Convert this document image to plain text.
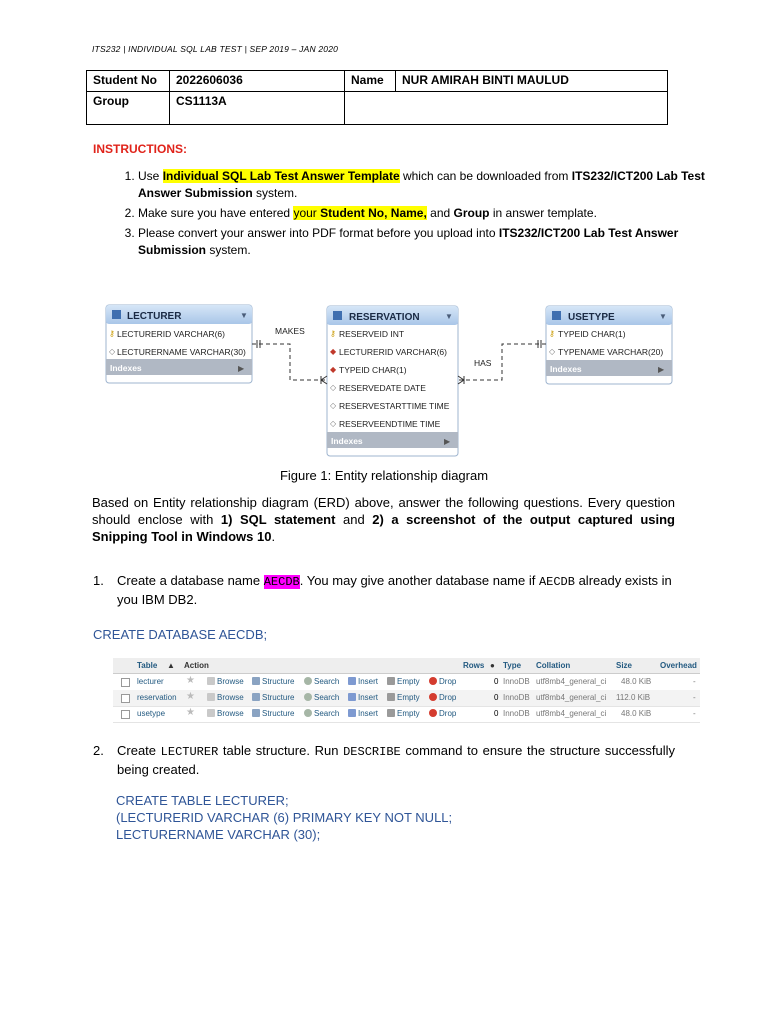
ITS232 | INDIVIDUAL SQL LAB TEST | SEP 2019 – JAN 2020
Student No	2022606036	Name	NUR AMIRAH BINTI MAULUD
Group	CS1113A		
INSTRUCTIONS:
1. Use Individual SQL Lab Test Answer Template which can be downloaded from ITS232/ICT200 Lab Test Answer Submission system.
2. Make sure you have entered your Student No, Name, and Group in answer template.
3. Please convert your answer into PDF format before you upload into ITS232/ICT200 Lab Test Answer Submission system.
LECTURER	▼
⚷ LECTURERID VARCHAR(6)
◇ LECTURERNAME VARCHAR(30)
Indexes	▶
RESERVATION	▼
⚷ RESERVEID INT
◆ LECTURERID VARCHAR(6)
◆ TYPEID CHAR(1)
◇ RESERVEDATE DATE
◇ RESERVESTARTTIME TIME
◇ RESERVEENDTIME TIME
Indexes	▶
USETYPE	▼
⚷ TYPEID CHAR(1)
◇ TYPENAME VARCHAR(20)
Indexes	▶
MAKES
HAS
Figure 1: Entity relationship diagram
Based on Entity relationship diagram (ERD) above, answer the following questions. Every question should enclose with 1) SQL statement and 2) a screenshot of the output captured using Snipping Tool in Windows 10.
1. Create a database name AECDB. You may give another database name if AECDB already exists in you IBM DB2.
CREATE DATABASE AECDB;
Table ▲ Action	Rows ● Type Collation	Size	Overhead
lecturer ★	Browse	Structure	Search	Insert	Empty	Drop	0 InnoDB utf8mb4_general_ci 48.0 KiB	-
reservation ★	Browse	Structure	Search	Insert	Empty	Drop	0 InnoDB utf8mb4_general_ci 112.0 KiB	-
usetype ★	Browse	Structure	Search	Insert	Empty	Drop	0 InnoDB utf8mb4_general_ci 48.0 KiB	-
2. Create LECTURER table structure. Run DESCRIBE command to ensure the structure successfully being created.
CREATE TABLE LECTURER;
(LECTURERID VARCHAR (6) PRIMARY KEY NOT NULL;
LECTURERNAME VARCHAR (30);
